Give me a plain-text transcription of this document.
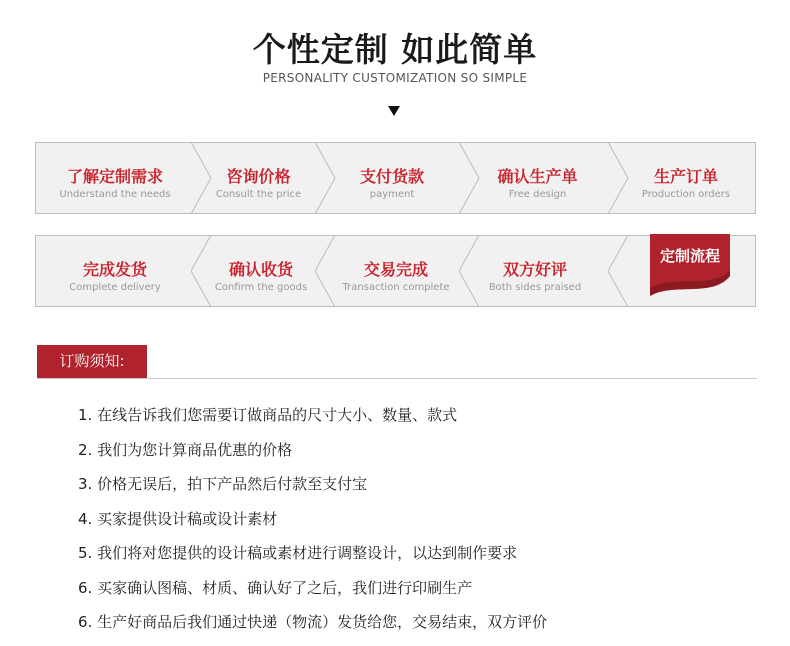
个性定制 如此简单
PERSONALITY CUSTOMIZATION SO SIMPLE
了解定制需求
Understand the needs
咨询价格
Consult the price
支付货款
payment
确认生产单
Free design
生产订单
Production orders
完成发货
Complete delivery
确认收货
Confirm the goods
交易完成
Transaction complete
双方好评
Both sides praised
定制流程
订购须知:
1. 在线告诉我们您需要订做商品的尺寸大小、数量、款式
2. 我们为您计算商品优惠的价格
3. 价格无误后，拍下产品然后付款至支付宝
4. 买家提供设计稿或设计素材
5. 我们将对您提供的设计稿或素材进行调整设计，以达到制作要求
6. 买家确认图稿、材质、确认好了之后，我们进行印刷生产
6. 生产好商品后我们通过快递（物流）发货给您，交易结束，双方评价
